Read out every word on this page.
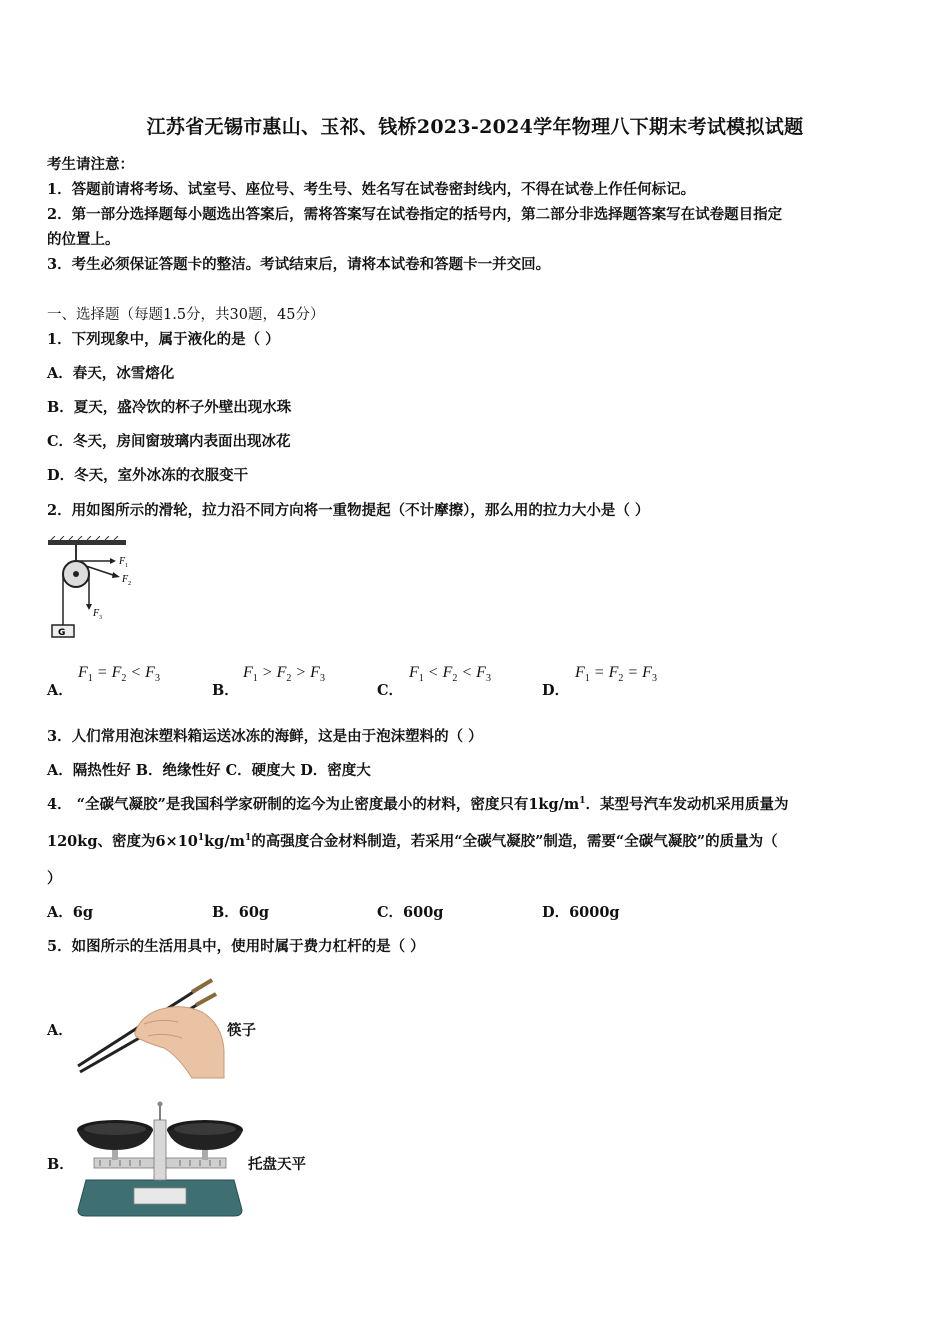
江苏省无锡市惠山、玉祁、钱桥2023-2024学年物理八下期末考试模拟试题
考生请注意：
1．答题前请将考场、试室号、座位号、考生号、姓名写在试卷密封线内，不得在试卷上作任何标记。
2．第一部分选择题每小题选出答案后，需将答案写在试卷指定的括号内，第二部分非选择题答案写在试卷题目指定
的位置上。
3．考生必须保证答题卡的整洁。考试结束后，请将本试卷和答题卡一并交回。
一、选择题（每题1.5分，共30题，45分）
1．下列现象中，属于液化的是（ ）
A．春天，冰雪熔化
B．夏天，盛冷饮的杯子外壁出现水珠
C．冬天，房间窗玻璃内表面出现冰花
D．冬天，室外冰冻的衣服变干
2．用如图所示的滑轮，拉力沿不同方向将一重物提起（不计摩擦），那么用的拉力大小是（ ）
G
F 1
F 2
F 3
A．
$F_1 = F_2 < F_3$
B．
$F_1 > F_2 > F_3$
C．
$F_1 < F_2 < F_3$
D．
$F_1 = F_2 = F_3$
3．人们常用泡沫塑料箱运送冰冻的海鲜，这是由于泡沫塑料的（ ）
A．隔热性好 B．绝缘性好 C．硬度大 D．密度大
4． “全碳气凝胶”是我国科学家研制的迄今为止密度最小的材料，密度只有$1kg/m^1$．某型号汽车发动机采用质量为
120kg、密度为$6\times 10^1kg/m^1$的高强度合金材料制造，若采用“全碳气凝胶”制造，需要“全碳气凝胶”的质量为（
）
A．6g	B．60g	C．600g	D．6000g
5．如图所示的生活用具中，使用时属于费力杠杆的是（ ）
A．	筷子
B．	托盘天平
